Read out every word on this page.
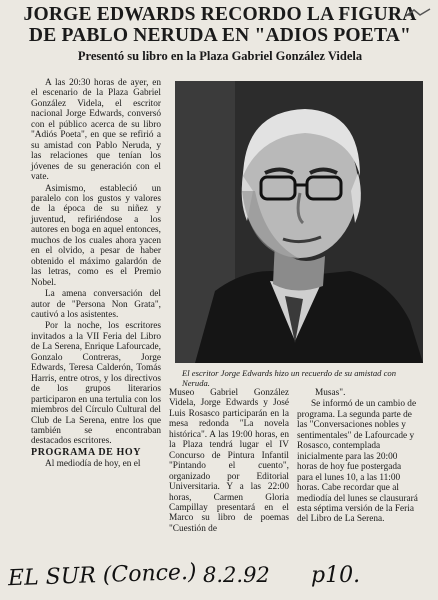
JORGE EDWARDS RECORDO LA FIGURA
DE PABLO NERUDA EN "ADIOS POETA"
Presentó su libro en la Plaza Gabriel González Videla

A las 20:30 horas de ayer, en el escenario de la Plaza Gabriel González Videla, el escritor nacional Jorge Edwards, conversó con el público acerca de su libro "Adiós Poeta", en que se refirió a su amistad con Pablo Neruda, y las relaciones que tenían los jóvenes de su generación con el vate.

Asimismo, estableció un paralelo con los gustos y valores de la época de su niñez y juventud, refiriéndose a los autores en boga en aquel entonces, muchos de los cuales ahora yacen en el olvido, a pesar de haber obtenido el máximo galardón de las letras, como es el Premio Nobel.

La amena conversación del autor de "Persona Non Grata", cautivó a los asistentes.

Por la noche, los escritores invitados a la VII Feria del Libro de La Serena, Enrique Lafourcade, Gonzalo Contreras, Jorge Edwards, Teresa Calderón, Tomás Harris, entre otros, y los directivos de los grupos literarios participaron en una tertulia con los miembros del Círculo Cultural del Club de La Serena, entre los que también se encontraban destacados escritores.

PROGRAMA DE HOY

Al mediodía de hoy, en el

El escritor Jorge Edwards hizo un recuerdo de su amistad con Neruda.

Museo Gabriel González Videla, Jorge Edwards y José Luis Rosasco participarán en la mesa redonda "La novela histórica". A las 19:00 horas, en la Plaza tendrá lugar el IV Concurso de Pintura Infantil "Pintando el cuento", organizado por Editorial Universitaria. Y a las 22:00 horas, Carmen Gloria Campillay presentará en el Marco su libro de poemas "Cuestión de

Musas".

Se informó de un cambio de programa. La segunda parte de las "Conversaciones nobles y sentimentales" de Lafourcade y Rosasco, contemplada inicialmente para las 20:00 horas de hoy fue postergada para el lunes 10, a las 11:00 horas. Cabe recordar que al mediodía del lunes se clausurará esta séptima versión de la Feria del Libro de La Serena.

EL SUR (Conce.) 8.2.92 p10.
